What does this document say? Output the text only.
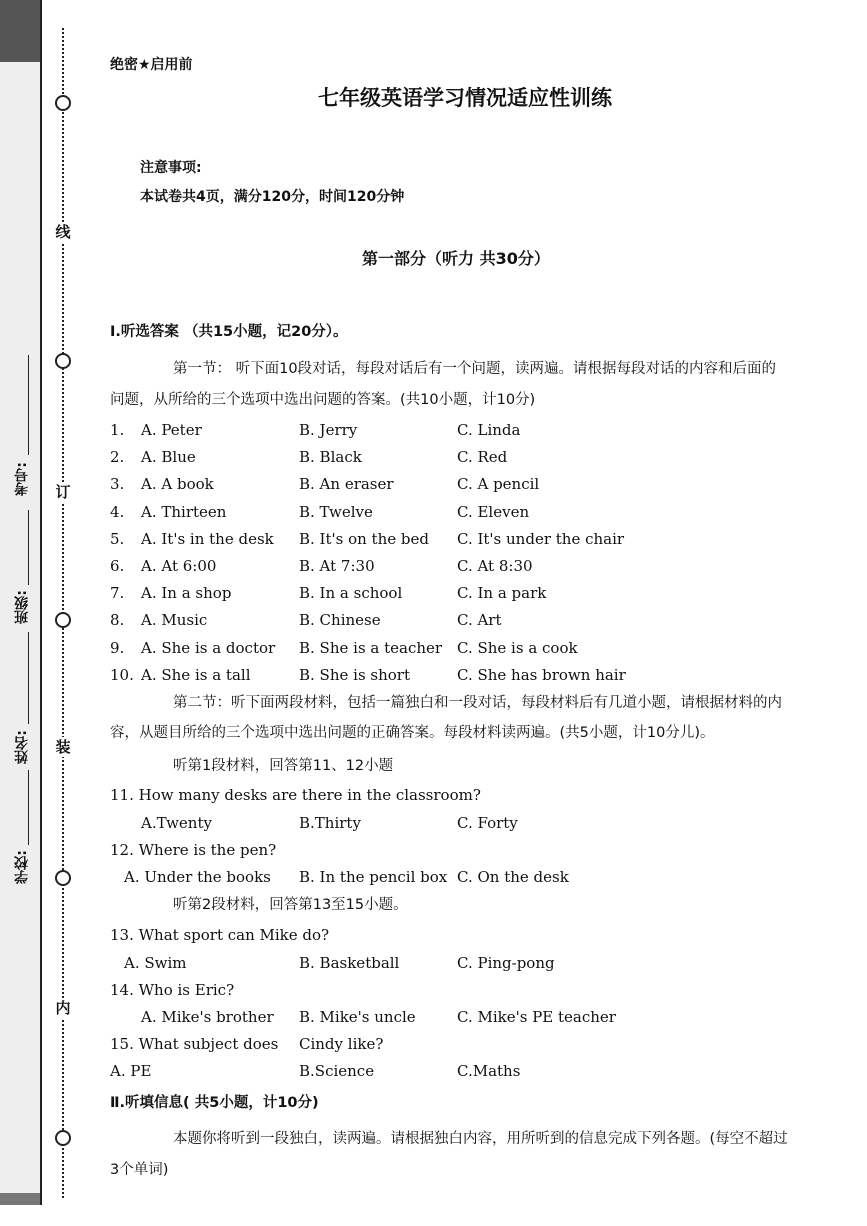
线
订
装
内
考号:
班级:
姓名:
学校:
绝密★启用前
七年级英语学习情况适应性训练
注意事项:
本试卷共4页，满分120分，时间120分钟
第一部分（听力 共30分）
Ⅰ.听选答案 （共15小题，记20分）。
第一节： 听下面10段对话，每段对话后有一个问题，读两遍。请根据每段对话的内容和后面的
问题，从所给的三个选项中选出问题的答案。(共10小题，计10分)
1. A. Peter	B. Jerry	C. Linda
2. A. Blue	B. Black	C. Red
3. A. A book	B. An eraser	C. A pencil
4. A. Thirteen	B. Twelve	C. Eleven
5. A. It's in the desk B. It's on the bed C. It's under the chair
6. A. At 6:00	B. At 7:30	C. At 8:30
7. A. In a shop	B. In a school	C. In a park
8. A. Music	B. Chinese	C. Art
9. A. She is a doctor B. She is a teacher C. She is a cook
10. A. She is a tall	B. She is short	C. She has brown hair
第二节：听下面两段材料，包括一篇独白和一段对话，每段材料后有几道小题，请根据材料的内
容，从题目所给的三个选项中选出问题的正确答案。每段材料读两遍。(共5小题，计10分儿)。
听第1段材料，回答第11、12小题
11. How many desks are there in the classroom?
A.Twenty	B.Thirty	C. Forty
12. Where is the pen?
A. Under the books B. In the pencil box C. On the desk
听第2段材料，回答第13至15小题。
13. What sport can Mike do?
A. Swim	B. Basketball	C. Ping-pong
14. Who is Eric?
A. Mike's brother B. Mike's uncle	C. Mike's PE teacher
15. What subject does Cindy like?
A. PE	B.Science	C.Maths
Ⅱ.听填信息( 共5小题，计10分)
本题你将听到一段独白，读两遍。请根据独白内容，用所听到的信息完成下列各题。(每空不超过
3个单词)
